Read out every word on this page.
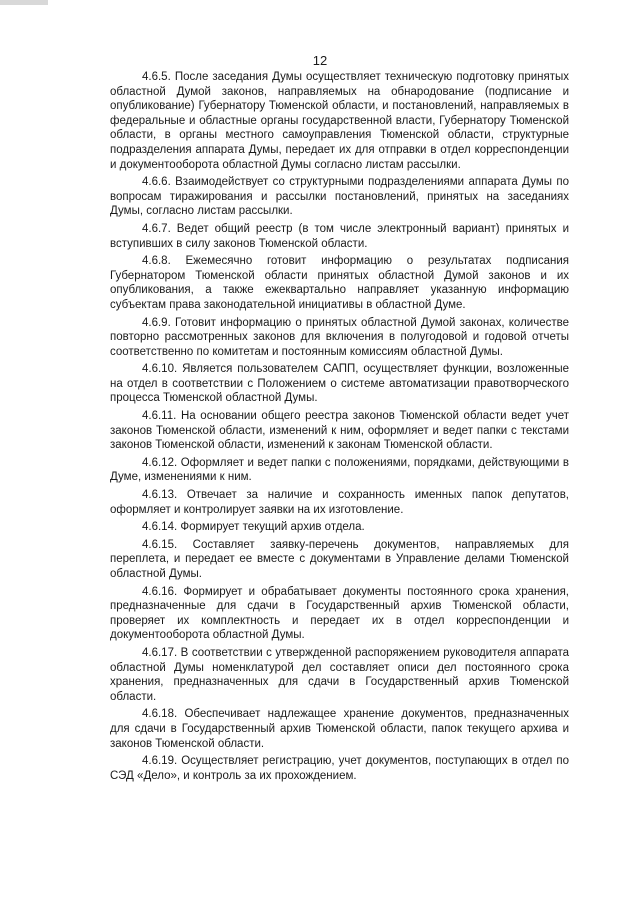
12

4.6.5. После заседания Думы осуществляет техническую подготовку принятых областной Думой законов, направляемых на обнародование (подписание и опубликование) Губернатору Тюменской области, и постановлений, направляемых в федеральные и областные органы государственной власти, Губернатору Тюменской области, в органы местного самоуправления Тюменской области, структурные подразделения аппарата Думы, передает их для отправки в отдел корреспонденции и документооборота областной Думы согласно листам рассылки.

4.6.6. Взаимодействует со структурными подразделениями аппарата Думы по вопросам тиражирования и рассылки постановлений, принятых на заседаниях Думы, согласно листам рассылки.

4.6.7. Ведет общий реестр (в том числе электронный вариант) принятых и вступивших в силу законов Тюменской области.

4.6.8. Ежемесячно готовит информацию о результатах подписания Губернатором Тюменской области принятых областной Думой законов и их опубликования, а также ежеквартально направляет указанную информацию субъектам права законодательной инициативы в областной Думе.

4.6.9. Готовит информацию о принятых областной Думой законах, количестве повторно рассмотренных законов для включения в полугодовой и годовой отчеты соответственно по комитетам и постоянным комиссиям областной Думы.

4.6.10. Является пользователем САПП, осуществляет функции, возложенные на отдел в соответствии с Положением о системе автоматизации правотворческого процесса Тюменской областной Думы.

4.6.11. На основании общего реестра законов Тюменской области ведет учет законов Тюменской области, изменений к ним, оформляет и ведет папки с текстами законов Тюменской области, изменений к законам Тюменской области.

4.6.12. Оформляет и ведет папки с положениями, порядками, действующими в Думе, изменениями к ним.

4.6.13. Отвечает за наличие и сохранность именных папок депутатов, оформляет и контролирует заявки на их изготовление.

4.6.14. Формирует текущий архив отдела.

4.6.15. Составляет заявку-перечень документов, направляемых для переплета, и передает ее вместе с документами в Управление делами Тюменской областной Думы.

4.6.16. Формирует и обрабатывает документы постоянного срока хранения, предназначенные для сдачи в Государственный архив Тюменской области, проверяет их комплектность и передает их в отдел корреспонденции и документооборота областной Думы.

4.6.17. В соответствии с утвержденной распоряжением руководителя аппарата областной Думы номенклатурой дел составляет описи дел постоянного срока хранения, предназначенных для сдачи в Государственный архив Тюменской области.

4.6.18. Обеспечивает надлежащее хранение документов, предназначенных для сдачи в Государственный архив Тюменской области, папок текущего архива и законов Тюменской области.

4.6.19. Осуществляет регистрацию, учет документов, поступающих в отдел по СЭД «Дело», и контроль за их прохождением.
